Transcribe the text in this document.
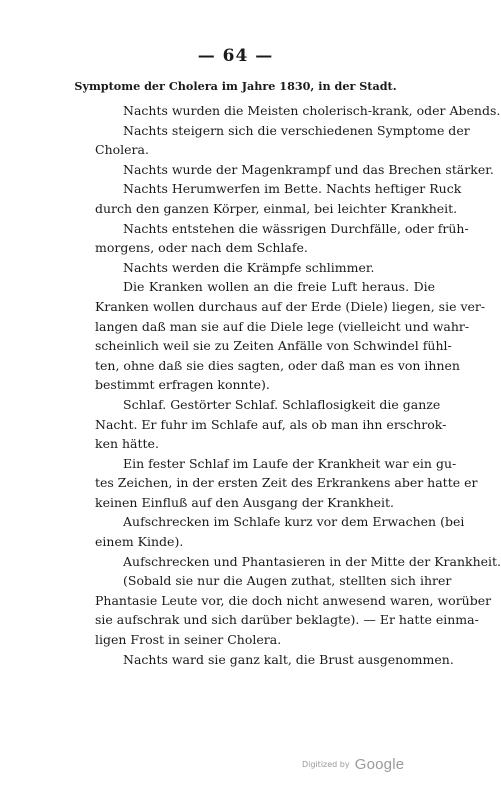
— 64 —
Symptome der Cholera im Jahre 1830, in der Stadt.

Nachts wurden die Meisten cholerisch-krank, oder Abends.
Nachts steigern sich die verschiedenen Symptome der
Cholera.

Nachts wurde der Magenkrampf und das Brechen stärker.

Nachts Herumwerfen im Bette. Nachts heftiger Ruck
durch den ganzen Körper, einmal, bei leichter Krankheit.

Nachts entstehen die wässrigen Durchfälle, oder früh-
morgens, oder nach dem Schlafe.

Nachts werden die Krämpfe schlimmer.

Die Kranken wollen an die freie Luft heraus. Die
Kranken wollen durchaus auf der Erde (Diele) liegen, sie ver-
langen daß man sie auf die Diele lege (vielleicht und wahr-
scheinlich weil sie zu Zeiten Anfälle von Schwindel fühl-
ten, ohne daß sie dies sagten, oder daß man es von ihnen
bestimmt erfragen konnte).

Schlaf. Gestörter Schlaf. Schlaflosigkeit die ganze
Nacht. Er fuhr im Schlafe auf, als ob man ihn erschrok-
ken hätte.

Ein fester Schlaf im Laufe der Krankheit war ein gu-
tes Zeichen, in der ersten Zeit des Erkrankens aber hatte er
keinen Einfluß auf den Ausgang der Krankheit.

Aufschrecken im Schlafe kurz vor dem Erwachen (bei
einem Kinde).

Aufschrecken und Phantasieren in der Mitte der Krankheit.
(Sobald sie nur die Augen zuthat, stellten sich ihrer
Phantasie Leute vor, die doch nicht anwesend waren, worüber
sie aufschrak und sich darüber beklagte). — Er hatte einma-
ligen Frost in seiner Cholera.

Nachts ward sie ganz kalt, die Brust ausgenommen.

Digitized by Google
